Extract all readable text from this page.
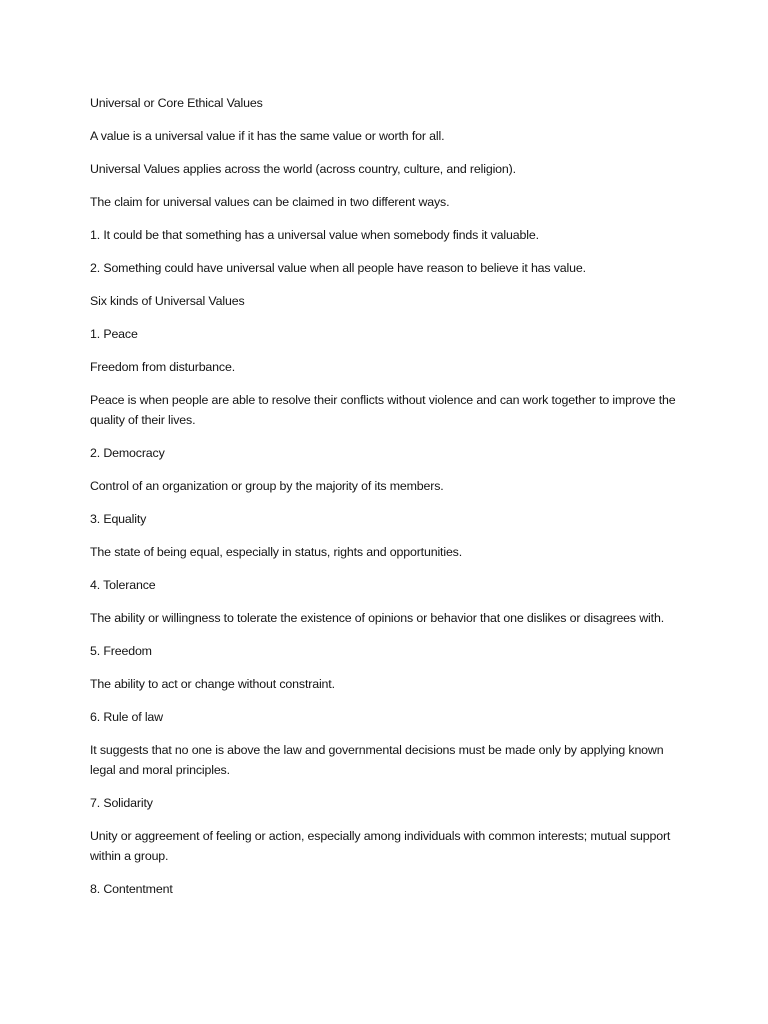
Universal or Core Ethical Values

A value is a universal value if it has the same value or worth for all.

Universal Values applies across the world (across country, culture, and religion).

The claim for universal values can be claimed in two different ways.

1. It could be that something has a universal value when somebody finds it valuable.

2. Something could have universal value when all people have reason to believe it has value.

Six kinds of Universal Values

1. Peace

Freedom from disturbance.

Peace is when people are able to resolve their conflicts without violence and can work together to improve the quality of their lives.

2. Democracy

Control of an organization or group by the majority of its members.

3. Equality

The state of being equal, especially in status, rights and opportunities.

4. Tolerance

The ability or willingness to tolerate the existence of opinions or behavior that one dislikes or disagrees with.

5. Freedom

The ability to act or change without constraint.

6. Rule of law

It suggests that no one is above the law and governmental decisions must be made only by applying known legal and moral principles.

7. Solidarity

Unity or aggreement of feeling or action, especially among individuals with common interests; mutual support within a group.

8. Contentment
